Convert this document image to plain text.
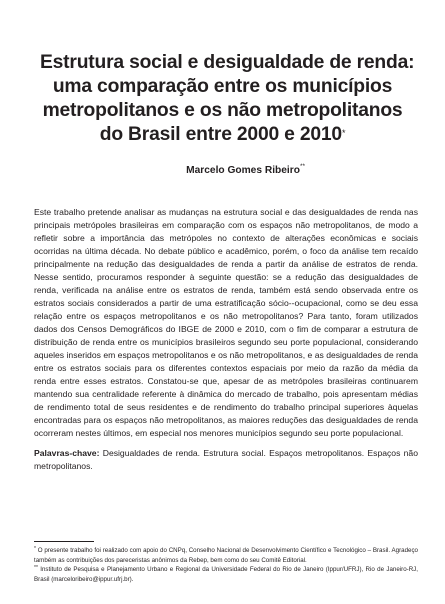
Estrutura social e desigualdade de renda:
uma comparação entre os municípios
metropolitanos e os não metropolitanos
do Brasil entre 2000 e 2010*
Marcelo Gomes Ribeiro**

Este trabalho pretende analisar as mudanças na estrutura social e das desigualdades de renda nas principais metrópoles brasileiras em comparação com os espaços não metropolitanos, de modo a refletir sobre a importância das metrópoles no contexto de alterações econômicas e sociais ocorridas na última década. No debate público e acadêmico, porém, o foco da análise tem recaído principalmente na redução das desigualdades de renda a partir da análise de estratos de renda. Nesse sentido, procuramos responder à seguinte questão: se a redução das desigualdades de renda, verificada na análise entre os estratos de renda, também está sendo observada entre os estratos sociais considerados a partir de uma estratificação sócio--ocupacional, como se deu essa relação entre os espaços metropolitanos e os não metropolitanos? Para tanto, foram utilizados dados dos Censos Demográficos do IBGE de 2000 e 2010, com o fim de comparar a estrutura de distribuição de renda entre os municípios brasileiros segundo seu porte populacional, considerando aqueles inseridos em espaços metropolitanos e os não metropolitanos, e as desigualdades de renda entre os estratos sociais para os diferentes contextos espaciais por meio da razão da média da renda entre esses estratos. Constatou-se que, apesar de as metrópoles brasileiras continuarem mantendo sua centralidade referente à dinâmica do mercado de trabalho, pois apresentam médias de rendimento total de seus residentes e de rendimento do trabalho principal superiores àquelas encontradas para os espaços não metropolitanos, as maiores reduções das desigualdades de renda ocorreram nestes últimos, em especial nos menores municípios segundo seu porte populacional.

Palavras-chave: Desigualdades de renda. Estrutura social. Espaços metropolitanos. Espaços não metropolitanos.

* O presente trabalho foi realizado com apoio do CNPq, Conselho Nacional de Desenvolvimento Científico e Tecnológico – Brasil. Agradeço também as contribuições dos pareceristas anônimos da Rebep, bem como do seu Comitê Editorial.

** Instituto de Pesquisa e Planejamento Urbano e Regional da Universidade Federal do Rio de Janeiro (Ippur/UFRJ), Rio de Janeiro-RJ, Brasil (marceloribeiro@ippur.ufrj.br).
